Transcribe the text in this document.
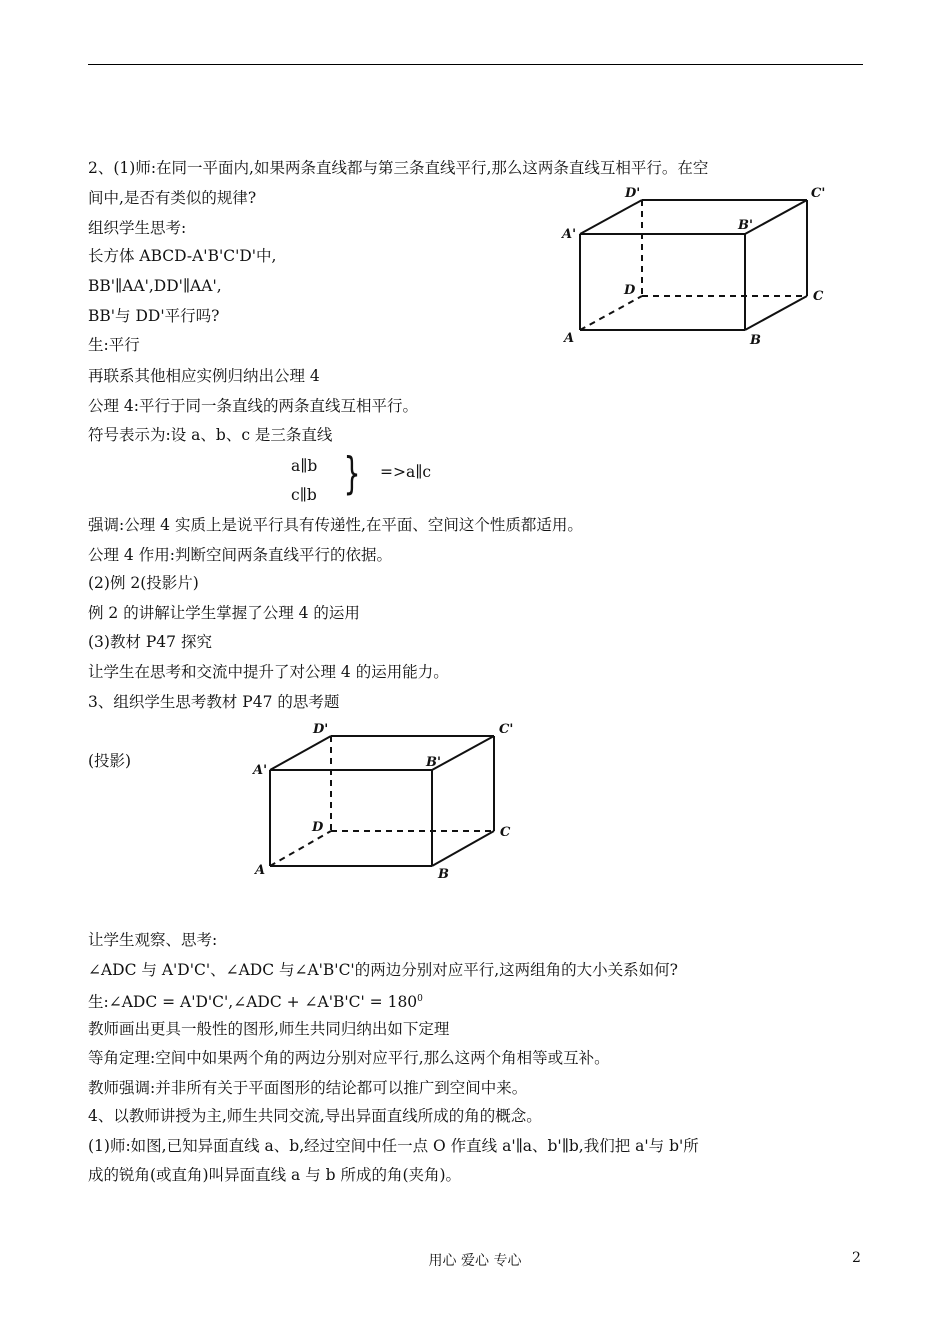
2、(1)师:在同一平面内,如果两条直线都与第三条直线平行,那么这两条直线互相平行。在空
间中,是否有类似的规律?
组织学生思考:
长方体 ABCD-A'B'C'D'中,
BB'∥AA',DD'∥AA',
BB'与 DD'平行吗?
生:平行
再联系其他相应实例归纳出公理 4
公理 4:平行于同一条直线的两条直线互相平行。
符号表示为:设 a、b、c 是三条直线
a∥b
c∥b } =>a∥c
强调:公理 4 实质上是说平行具有传递性,在平面、空间这个性质都适用。
公理 4 作用:判断空间两条直线平行的依据。
(2)例 2(投影片)
例 2 的讲解让学生掌握了公理 4 的运用
(3)教材 P47 探究
让学生在思考和交流中提升了对公理 4 的运用能力。
3、组织学生思考教材 P47 的思考题
(投影)
A	B
C
D
A'
B'
C'
D'
A	B
C
D
A'
B'
C'
D'
让学生观察、思考:
∠ADC 与 A'D'C'、∠ADC 与∠A'B'C'的两边分别对应平行,这两组角的大小关系如何?
生:∠ADC = A'D'C',∠ADC + ∠A'B'C' = $180^0$
教师画出更具一般性的图形,师生共同归纳出如下定理
等角定理:空间中如果两个角的两边分别对应平行,那么这两个角相等或互补。
教师强调:并非所有关于平面图形的结论都可以推广到空间中来。
4、以教师讲授为主,师生共同交流,导出异面直线所成的角的概念。
(1)师:如图,已知异面直线 a、b,经过空间中任一点 O 作直线 a'∥a、b'∥b,我们把 a'与 b'所
成的锐角(或直角)叫异面直线 a 与 b 所成的角(夹角)。
用心 爱心 专心	2
